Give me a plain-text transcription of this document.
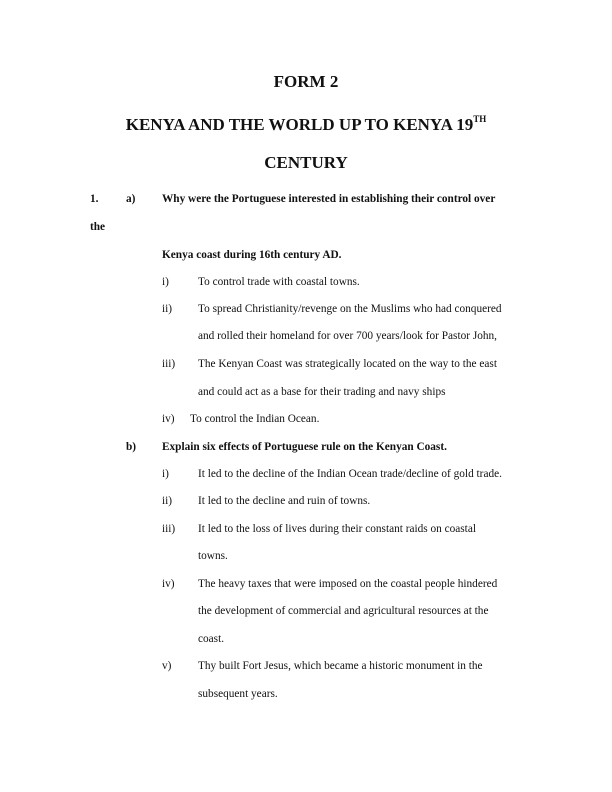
FORM 2
KENYA AND THE WORLD UP TO KENYA 19TH
CENTURY
1. a) Why were the Portuguese interested in establishing their control over
the
Kenya coast during 16th century AD.
i)	To control trade with coastal towns.
ii) To spread Christianity/revenge on the Muslims who had conquered
and rolled their homeland for over 700 years/look for Pastor John,
iii) The Kenyan Coast was strategically located on the way to the east
and could act as a base for their trading and navy ships
iv) To control the Indian Ocean.
b) Explain six effects of Portuguese rule on the Kenyan Coast.
i)	It led to the decline of the Indian Ocean trade/decline of gold trade.
ii) It led to the decline and ruin of towns.
iii) It led to the loss of lives during their constant raids on coastal
towns.
iv) The heavy taxes that were imposed on the coastal people hindered
the development of commercial and agricultural resources at the
coast.
v) Thy built Fort Jesus, which became a historic monument in the
subsequent years.
